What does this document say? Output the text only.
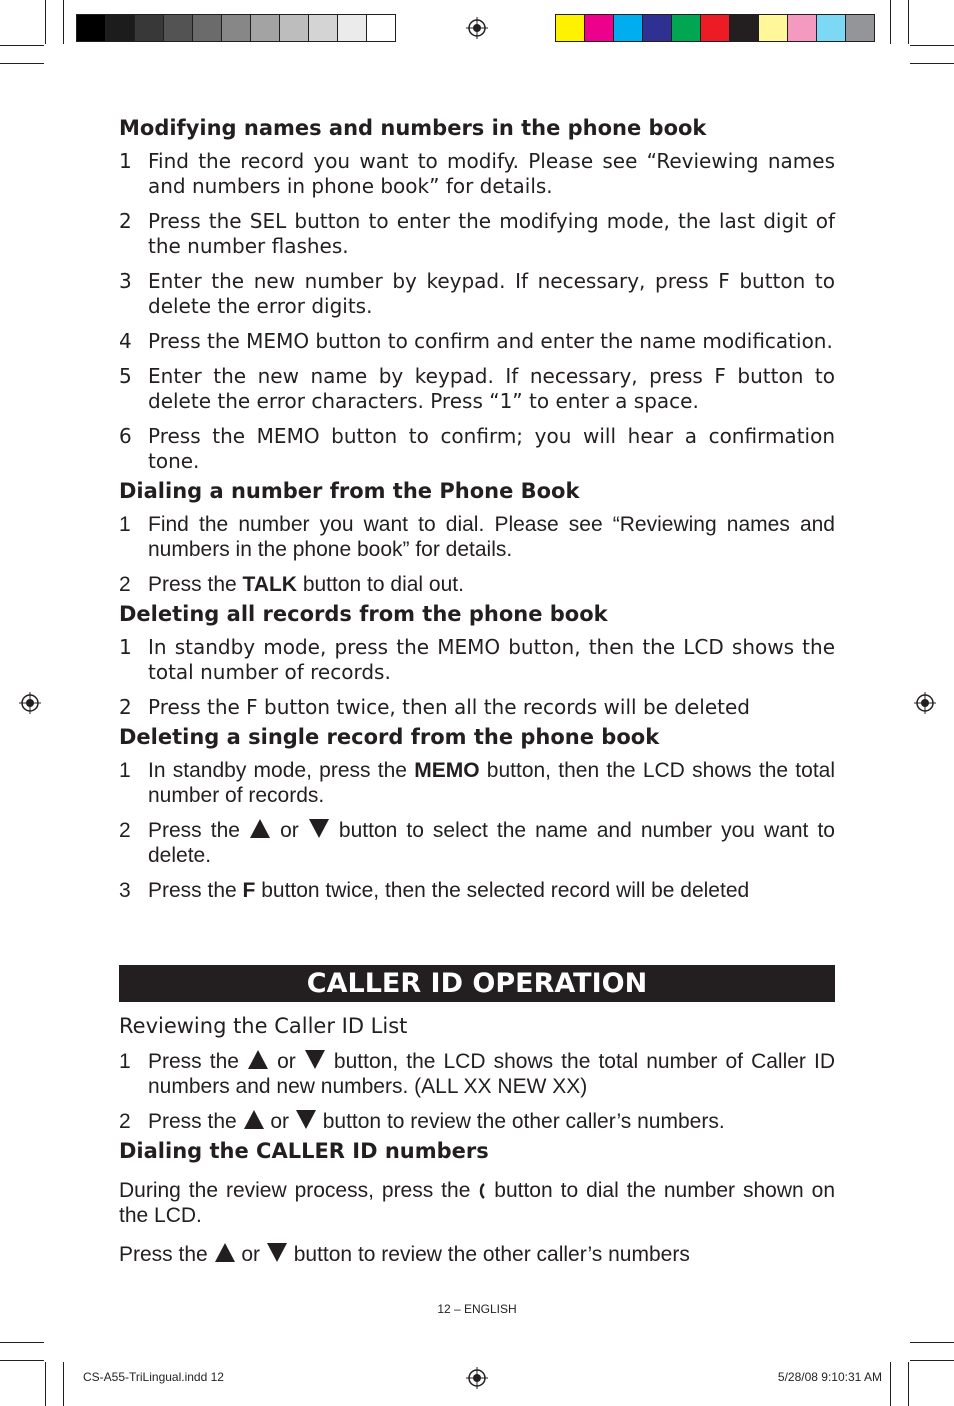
Modifying names and numbers in the phone book

1 Find the record you want to modify. Please see “Reviewing names and numbers in phone book” for details.

2 Press the SEL button to enter the modifying mode, the last digit of the number flashes.

3 Enter the new number by keypad. If necessary, press F button to delete the error digits.

4 Press the MEMO button to confirm and enter the name modification.

5 Enter the new name by keypad. If necessary, press F button to delete the error characters. Press “1” to enter a space.

6 Press the MEMO button to confirm; you will hear a confirmation tone.

Dialing a number from the Phone Book

1 Find the number you want to dial. Please see “Reviewing names and numbers in the phone book” for details.

2 Press the TALK button to dial out.

Deleting all records from the phone book

1 In standby mode, press the MEMO button, then the LCD shows the total number of records.

2 Press the F button twice, then all the records will be deleted

Deleting a single record from the phone book

1 In standby mode, press the MEMO button, then the LCD shows the total number of records.

2 Press the  or  button to select the name and number you want to delete.

3 Press the F button twice, then the selected record will be deleted

CALLER ID OPERATION

Reviewing the Caller ID List

1 Press the  or  button, the LCD shows the total number of Caller ID numbers and new numbers. (ALL XX NEW XX)

2 Press the  or  button to review the other caller’s numbers.

Dialing the CALLER ID numbers

During the review process, press the  button to dial the number shown on the LCD.

Press the  or  button to review the other caller’s numbers

12 – ENGLISH
CS-A55-TriLingual.indd 12	5/28/08 9:10:31 AM
